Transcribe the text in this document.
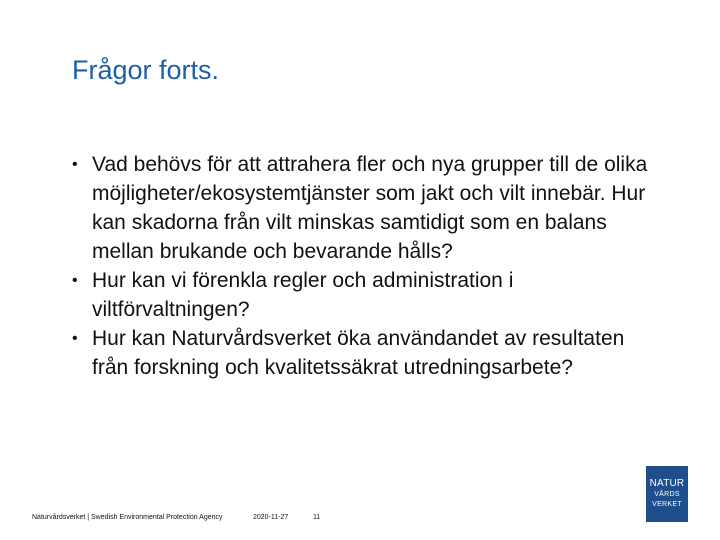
Frågor forts.
• Vad behövs för att attrahera fler och nya grupper till de olika möjligheter/ekosystemtjänster som jakt och vilt innebär. Hur kan skadorna från vilt minskas samtidigt som en balans mellan brukande och bevarande hålls?
• Hur kan vi förenkla regler och administration i viltförvaltningen?
• Hur kan Naturvårdsverket öka användandet av resultaten från forskning och kvalitetssäkrat utredningsarbete?
Naturvårdsverket | Swedish Environmental Protection Agency	2020-11-27	11
NATUR
VÅRDS
VERKET
